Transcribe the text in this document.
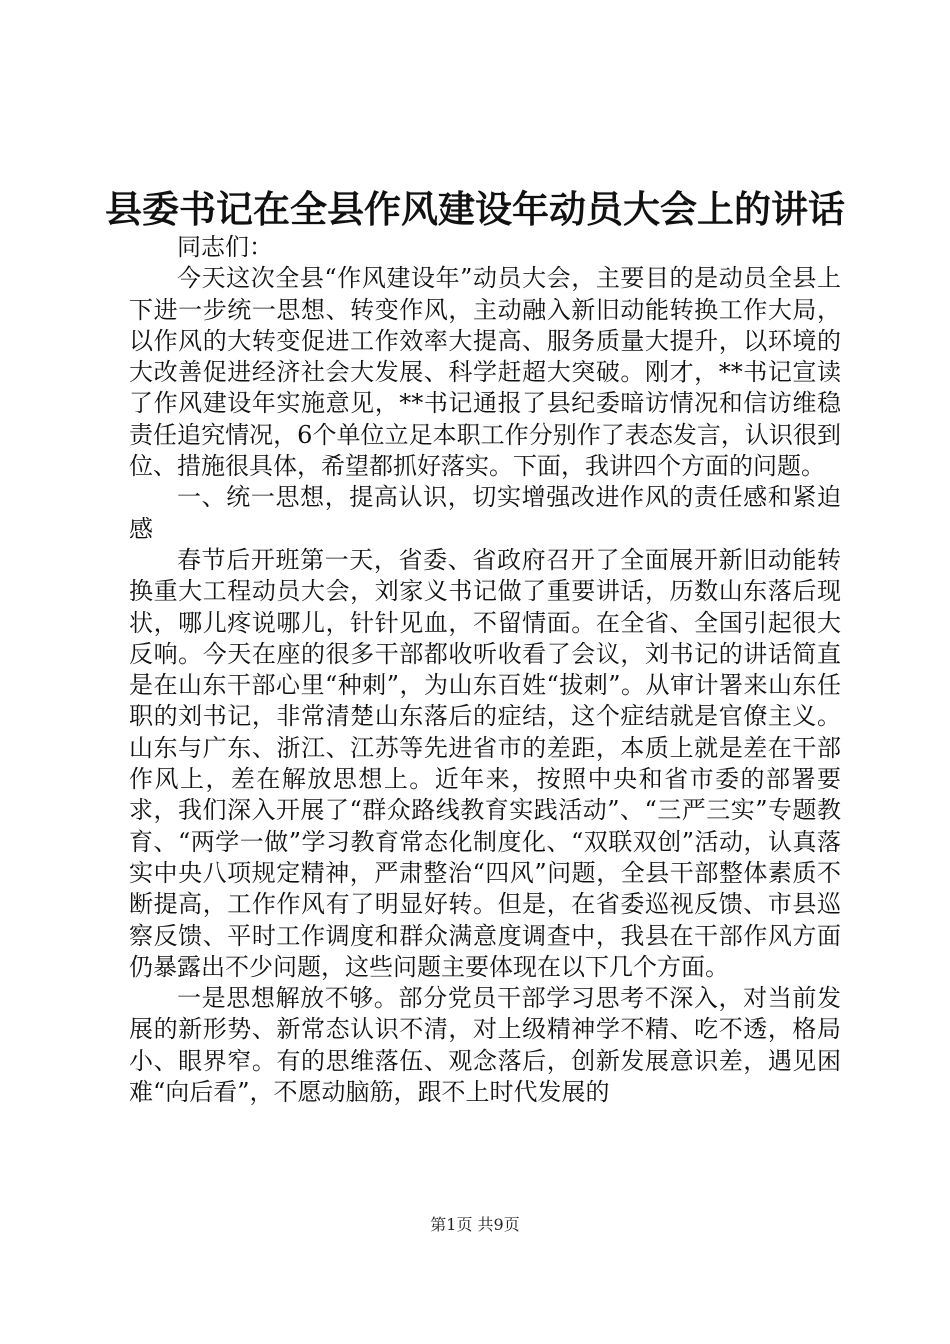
县委书记在全县作风建设年动员大会上的讲话

同志们：

今天这次全县“作风建设年”动员大会，主要目的是动员全县上下进一步统一思想、转变作风，主动融入新旧动能转换工作大局，以作风的大转变促进工作效率大提高、服务质量大提升，以环境的大改善促进经济社会大发展、科学赶超大突破。刚才，**书记宣读了作风建设年实施意见，**书记通报了县纪委暗访情况和信访维稳责任追究情况，6个单位立足本职工作分别作了表态发言，认识很到位、措施很具体，希望都抓好落实。下面，我讲四个方面的问题。

一、统一思想，提高认识，切实增强改进作风的责任感和紧迫感

春节后开班第一天，省委、省政府召开了全面展开新旧动能转换重大工程动员大会，刘家义书记做了重要讲话，历数山东落后现状，哪儿疼说哪儿，针针见血，不留情面。在全省、全国引起很大反响。今天在座的很多干部都收听收看了会议，刘书记的讲话简直是在山东干部心里“种刺”，为山东百姓“拔刺”。从审计署来山东任职的刘书记，非常清楚山东落后的症结，这个症结就是官僚主义。山东与广东、浙江、江苏等先进省市的差距，本质上就是差在干部作风上，差在解放思想上。近年来，按照中央和省市委的部署要求，我们深入开展了“群众路线教育实践活动”、“三严三实”专题教育、“两学一做”学习教育常态化制度化、“双联双创”活动，认真落实中央八项规定精神，严肃整治“四风”问题，全县干部整体素质不断提高，工作作风有了明显好转。但是，在省委巡视反馈、市县巡察反馈、平时工作调度和群众满意度调查中，我县在干部作风方面仍暴露出不少问题，这些问题主要体现在以下几个方面。

一是思想解放不够。部分党员干部学习思考不深入，对当前发展的新形势、新常态认识不清，对上级精神学不精、吃不透，格局小、眼界窄。有的思维落伍、观念落后，创新发展意识差，遇见困难“向后看”，不愿动脑筋，跟不上时代发展的

第1页 共9页
